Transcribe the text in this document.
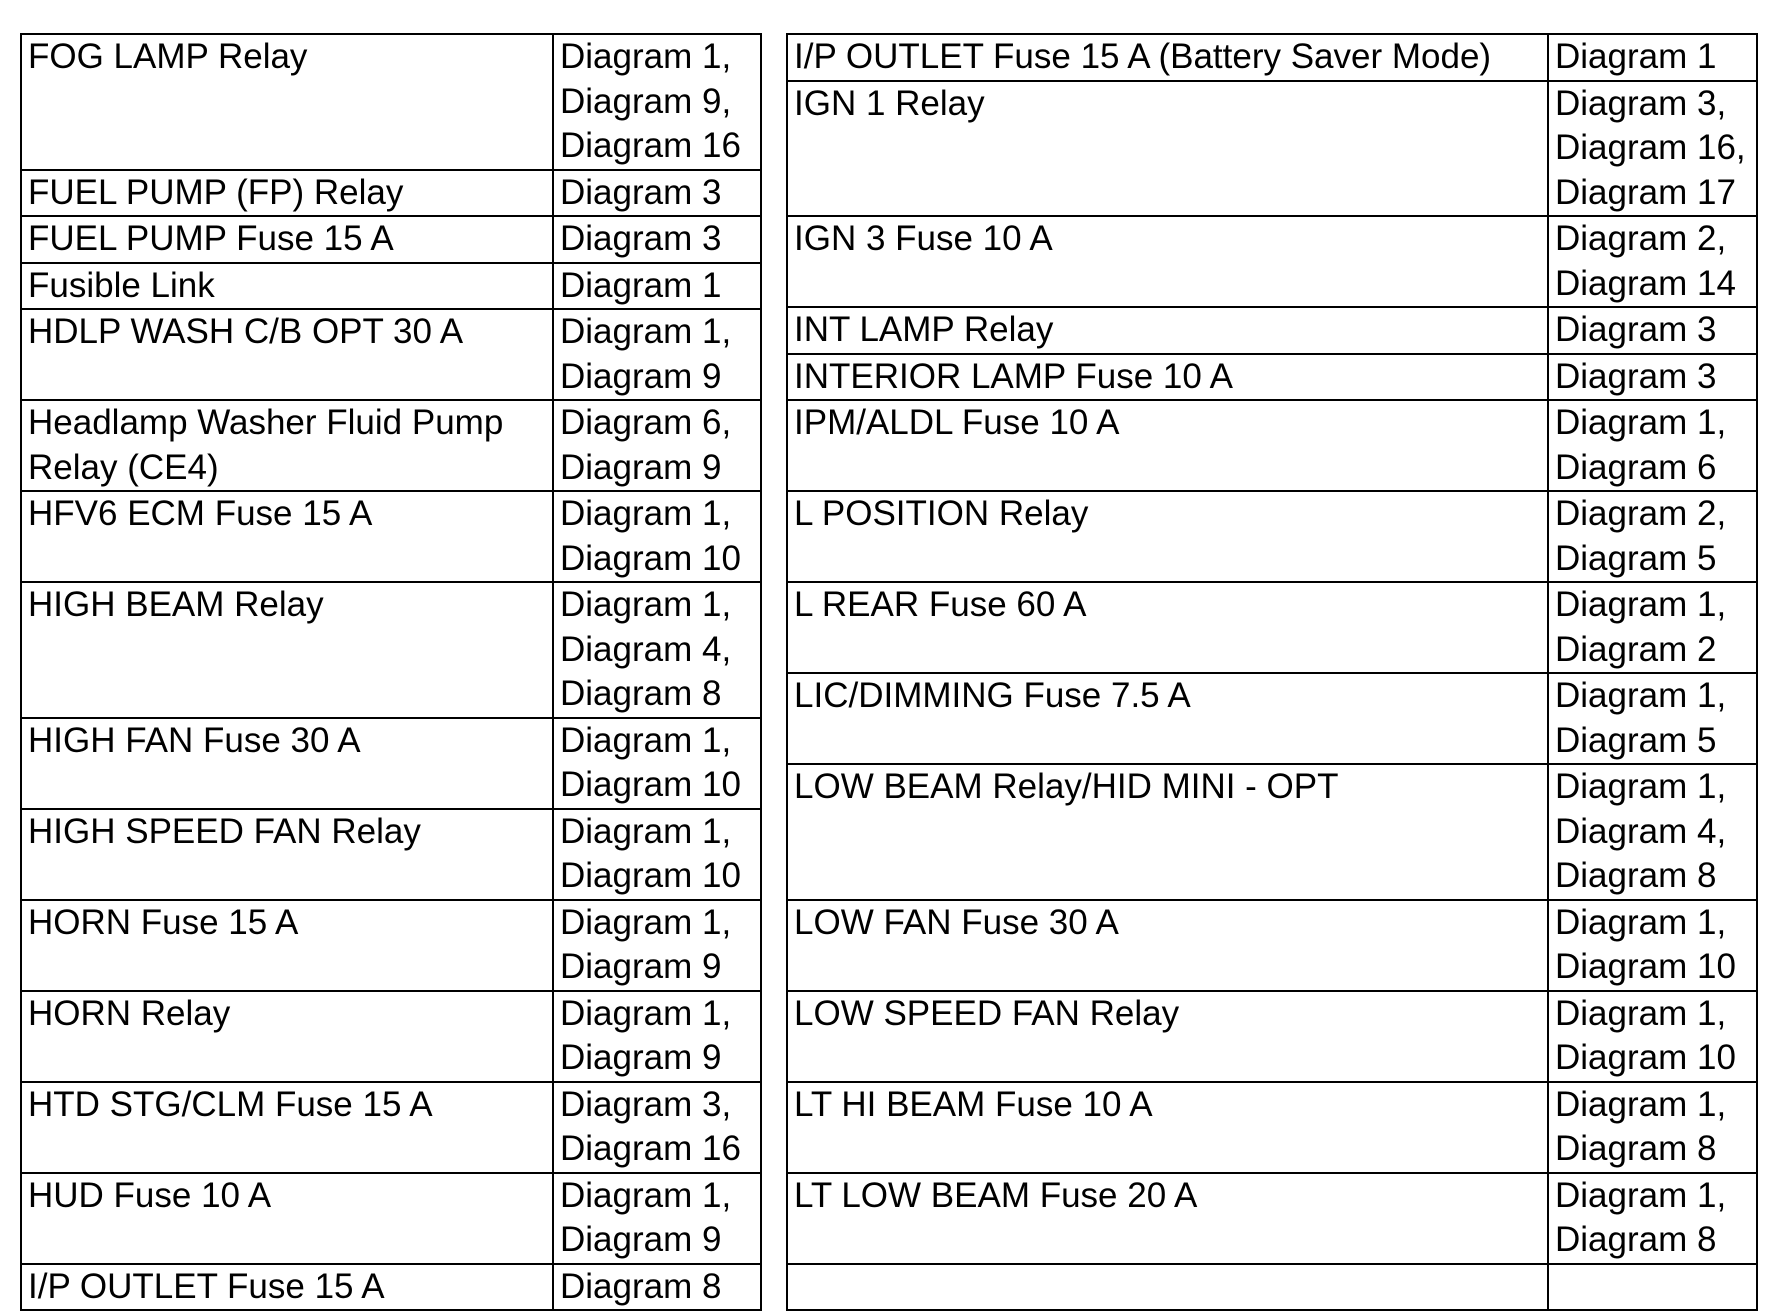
FOG LAMP Relay	Diagram 1,
Diagram 9,
Diagram 16

FUEL PUMP (FP) Relay	Diagram 3

FUEL PUMP Fuse 15 A	Diagram 3

Fusible Link	Diagram 1

HDLP WASH C/B OPT 30 A	Diagram 1,
Diagram 9

Headlamp Washer Fluid Pump
Relay (CE4)	Diagram 6,
Diagram 9

HFV6 ECM Fuse 15 A	Diagram 1,
Diagram 10

HIGH BEAM Relay	Diagram 1,
Diagram 4,
Diagram 8

HIGH FAN Fuse 30 A	Diagram 1,
Diagram 10

HIGH SPEED FAN Relay	Diagram 1,
Diagram 10

HORN Fuse 15 A	Diagram 1,
Diagram 9

HORN Relay	Diagram 1,
Diagram 9

HTD STG/CLM Fuse 15 A	Diagram 3,
Diagram 16

HUD Fuse 10 A	Diagram 1,
Diagram 9

I/P OUTLET Fuse 15 A	Diagram 8
I/P OUTLET Fuse 15 A (Battery Saver Mode)	Diagram 1

IGN 1 Relay	Diagram 3,
Diagram 16,
Diagram 17

IGN 3 Fuse 10 A	Diagram 2,
Diagram 14

INT LAMP Relay	Diagram 3

INTERIOR LAMP Fuse 10 A	Diagram 3

IPM/ALDL Fuse 10 A	Diagram 1,
Diagram 6

L POSITION Relay	Diagram 2,
Diagram 5

L REAR Fuse 60 A	Diagram 1,
Diagram 2

LIC/DIMMING Fuse 7.5 A	Diagram 1,
Diagram 5

LOW BEAM Relay/HID MINI - OPT	Diagram 1,
Diagram 4,
Diagram 8

LOW FAN Fuse 30 A	Diagram 1,
Diagram 10

LOW SPEED FAN Relay	Diagram 1,
Diagram 10

LT HI BEAM Fuse 10 A	Diagram 1,
Diagram 8

LT LOW BEAM Fuse 20 A	Diagram 1,
Diagram 8
